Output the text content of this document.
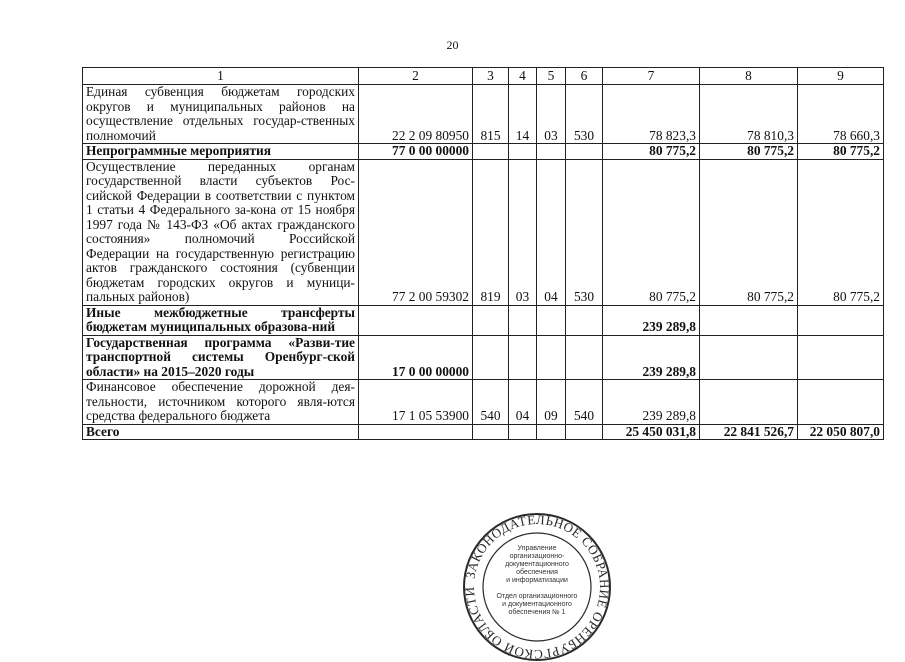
20
1	2	3	4	5	6	7	8	9
Единая субвенция бюджетам городских округов и муниципальных районов на осуществление отдельных государ-ственных полномочий	22 2 09 80950	815	14	03	530	78 823,3	78 810,3	78 660,3
Непрограммные мероприятия	77 0 00 00000					80 775,2	80 775,2	80 775,2
Осуществление переданных органам государственной власти субъектов Рос-сийской Федерации в соответствии с пунктом 1 статьи 4 Федерального за-кона от 15 ноября 1997 года № 143-ФЗ «Об актах гражданского состояния» полномочий Российской Федерации на государственную регистрацию актов гражданского состояния (субвенции бюджетам городских округов и муници-пальных районов)	77 2 00 59302	819	03	04	530	80 775,2	80 775,2	80 775,2
Иные межбюджетные трансферты бюджетам муниципальных образова-ний						239 289,8		
Государственная программа «Разви-тие транспортной системы Оренбург-ской области» на 2015–2020 годы	17 0 00 00000					239 289,8		
Финансовое обеспечение дорожной дея-тельности, источником которого явля-ются средства федерального бюджета	17 1 05 53900	540	04	09	540	239 289,8		
Всего						25 450 031,8	22 841 526,7	22 050 807,0
ЗАКОНОДАТЕЛЬНОЕ СОБРАНИЕ ОРЕНБУРГСКОЙ ОБЛАСТИ
Управление
организационно-
документационного
обеспечения
и информатизации
Отдел организационного
и документационного
обеспечения № 1
